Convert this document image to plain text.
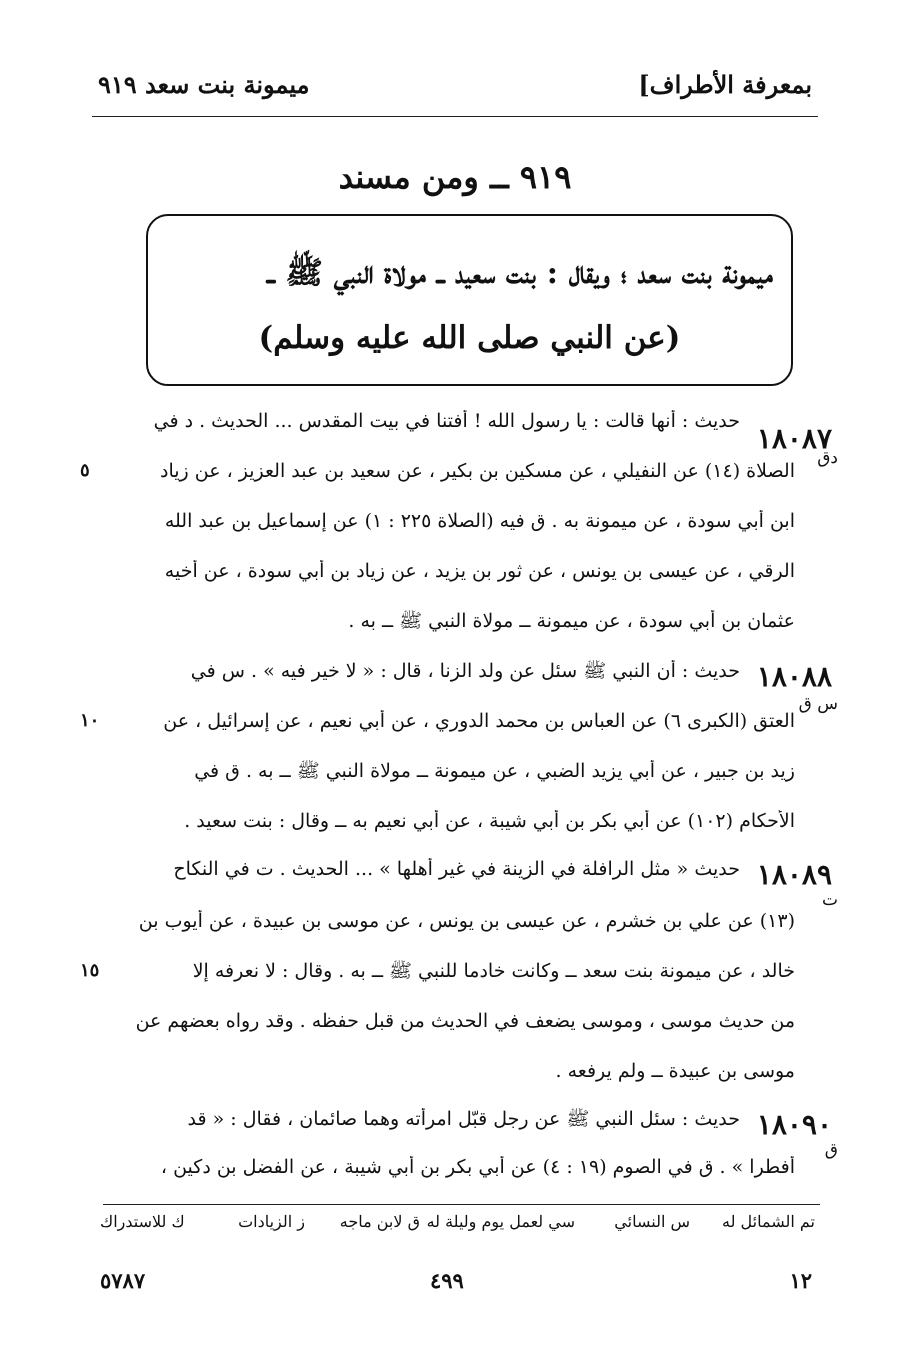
بمعرفة الأطراف]
ميمونة بنت سعد ٩١٩
٩١٩ ــ ومن مسند
ميمونة بنت سعد ؛ ويقال : بنت سعيد ــ مولاة النبي ﷺ ــ
(عن النبي صلى الله عليه وسلم)
١٨٠٨٧
دق
حديث : أنها قالت : يا رسول الله ! أفتنا في بيت المقدس ... الحديث . د في
الصلاة (١٤) عن النفيلي ، عن مسكين بن بكير ، عن سعيد بن عبد العزيز ، عن زياد
ابن أبي سودة ، عن ميمونة به . ق فيه (الصلاة ٢٢٥ : ١) عن إسماعيل بن عبد الله
الرقي ، عن عيسى بن يونس ، عن ثور بن يزيد ، عن زياد بن أبي سودة ، عن أخيه
عثمان بن أبي سودة ، عن ميمونة ــ مولاة النبي ﷺ ــ به .
٥
١٨٠٨٨
س ق
حديث : أن النبي ﷺ سئل عن ولد الزنا ، قال : « لا خير فيه » . س في
العتق (الكبرى ٦) عن العباس بن محمد الدوري ، عن أبي نعيم ، عن إسرائيل ، عن
زيد بن جبير ، عن أبي يزيد الضبي ، عن ميمونة ــ مولاة النبي ﷺ ــ به . ق في
الأحكام (١٠٢) عن أبي بكر بن أبي شيبة ، عن أبي نعيم به ــ وقال : بنت سعيد .
١٠
١٨٠٨٩
ت
حديث « مثل الرافلة في الزينة في غير أهلها » ... الحديث . ت في النكاح
(١٣) عن علي بن خشرم ، عن عيسى بن يونس ، عن موسى بن عبيدة ، عن أيوب بن
خالد ، عن ميمونة بنت سعد ــ وكانت خادما للنبي ﷺ ــ به . وقال : لا نعرفه إلا
من حديث موسى ، وموسى يضعف في الحديث من قبل حفظه . وقد رواه بعضهم عن
موسى بن عبيدة ــ ولم يرفعه .
١٥
١٨٠٩٠
ق
حديث : سئل النبي ﷺ عن رجل قبّل امرأته وهما صائمان ، فقال : « قد
أفطرا » . ق في الصوم (١٩ : ٤) عن أبي بكر بن أبي شيبة ، عن الفضل بن دكين ،
تم الشمائل له
س النسائي
سي لعمل يوم وليلة له
ق لابن ماجه
ز الزيادات
ك للاستدراك
١٢
٤٩٩
٥٧٨٧
